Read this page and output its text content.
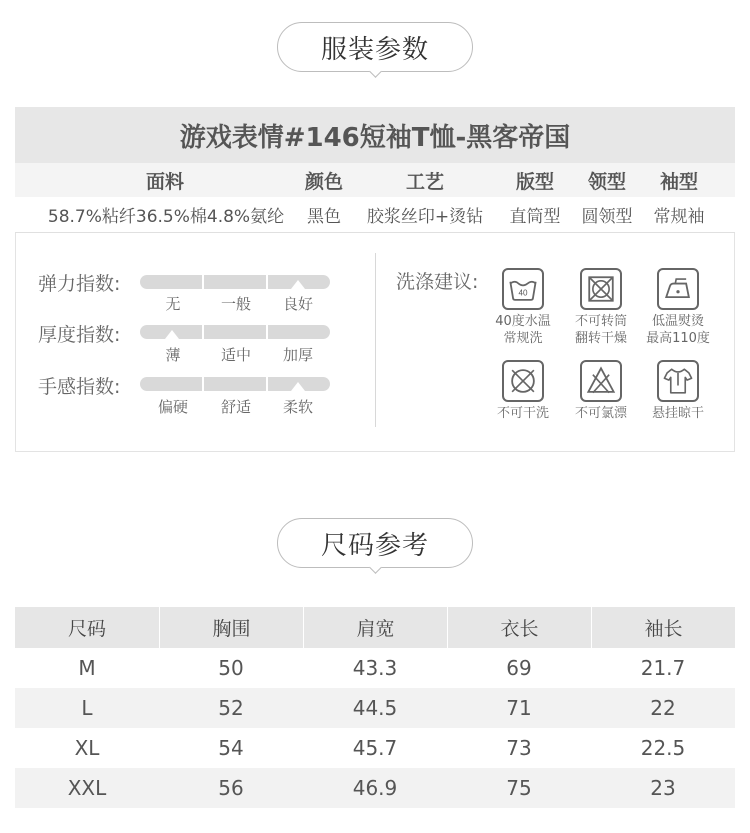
服装参数
游戏表情#146短袖T恤-黑客帝国
面料	颜色	工艺	版型	领型	袖型
58.7%粘纤36.5%棉4.8%氨纶	黑色	胶浆丝印+烫钻	直筒型	圆领型	常规袖
弹力指数:
无	一般	良好
厚度指数:
薄	适中	加厚
手感指数:
偏硬	舒适	柔软
洗涤建议:	40
40度水温
常规洗
不可转筒
翻转干燥
低温熨烫
最高110度
不可干洗	不可氯漂	悬挂晾干
尺码参考
尺码	胸围	肩宽	衣长	袖长
M	50	43.3	69	21.7
L	52	44.5	71	22
XL	54	45.7	73	22.5
XXL	56	46.9	75	23
